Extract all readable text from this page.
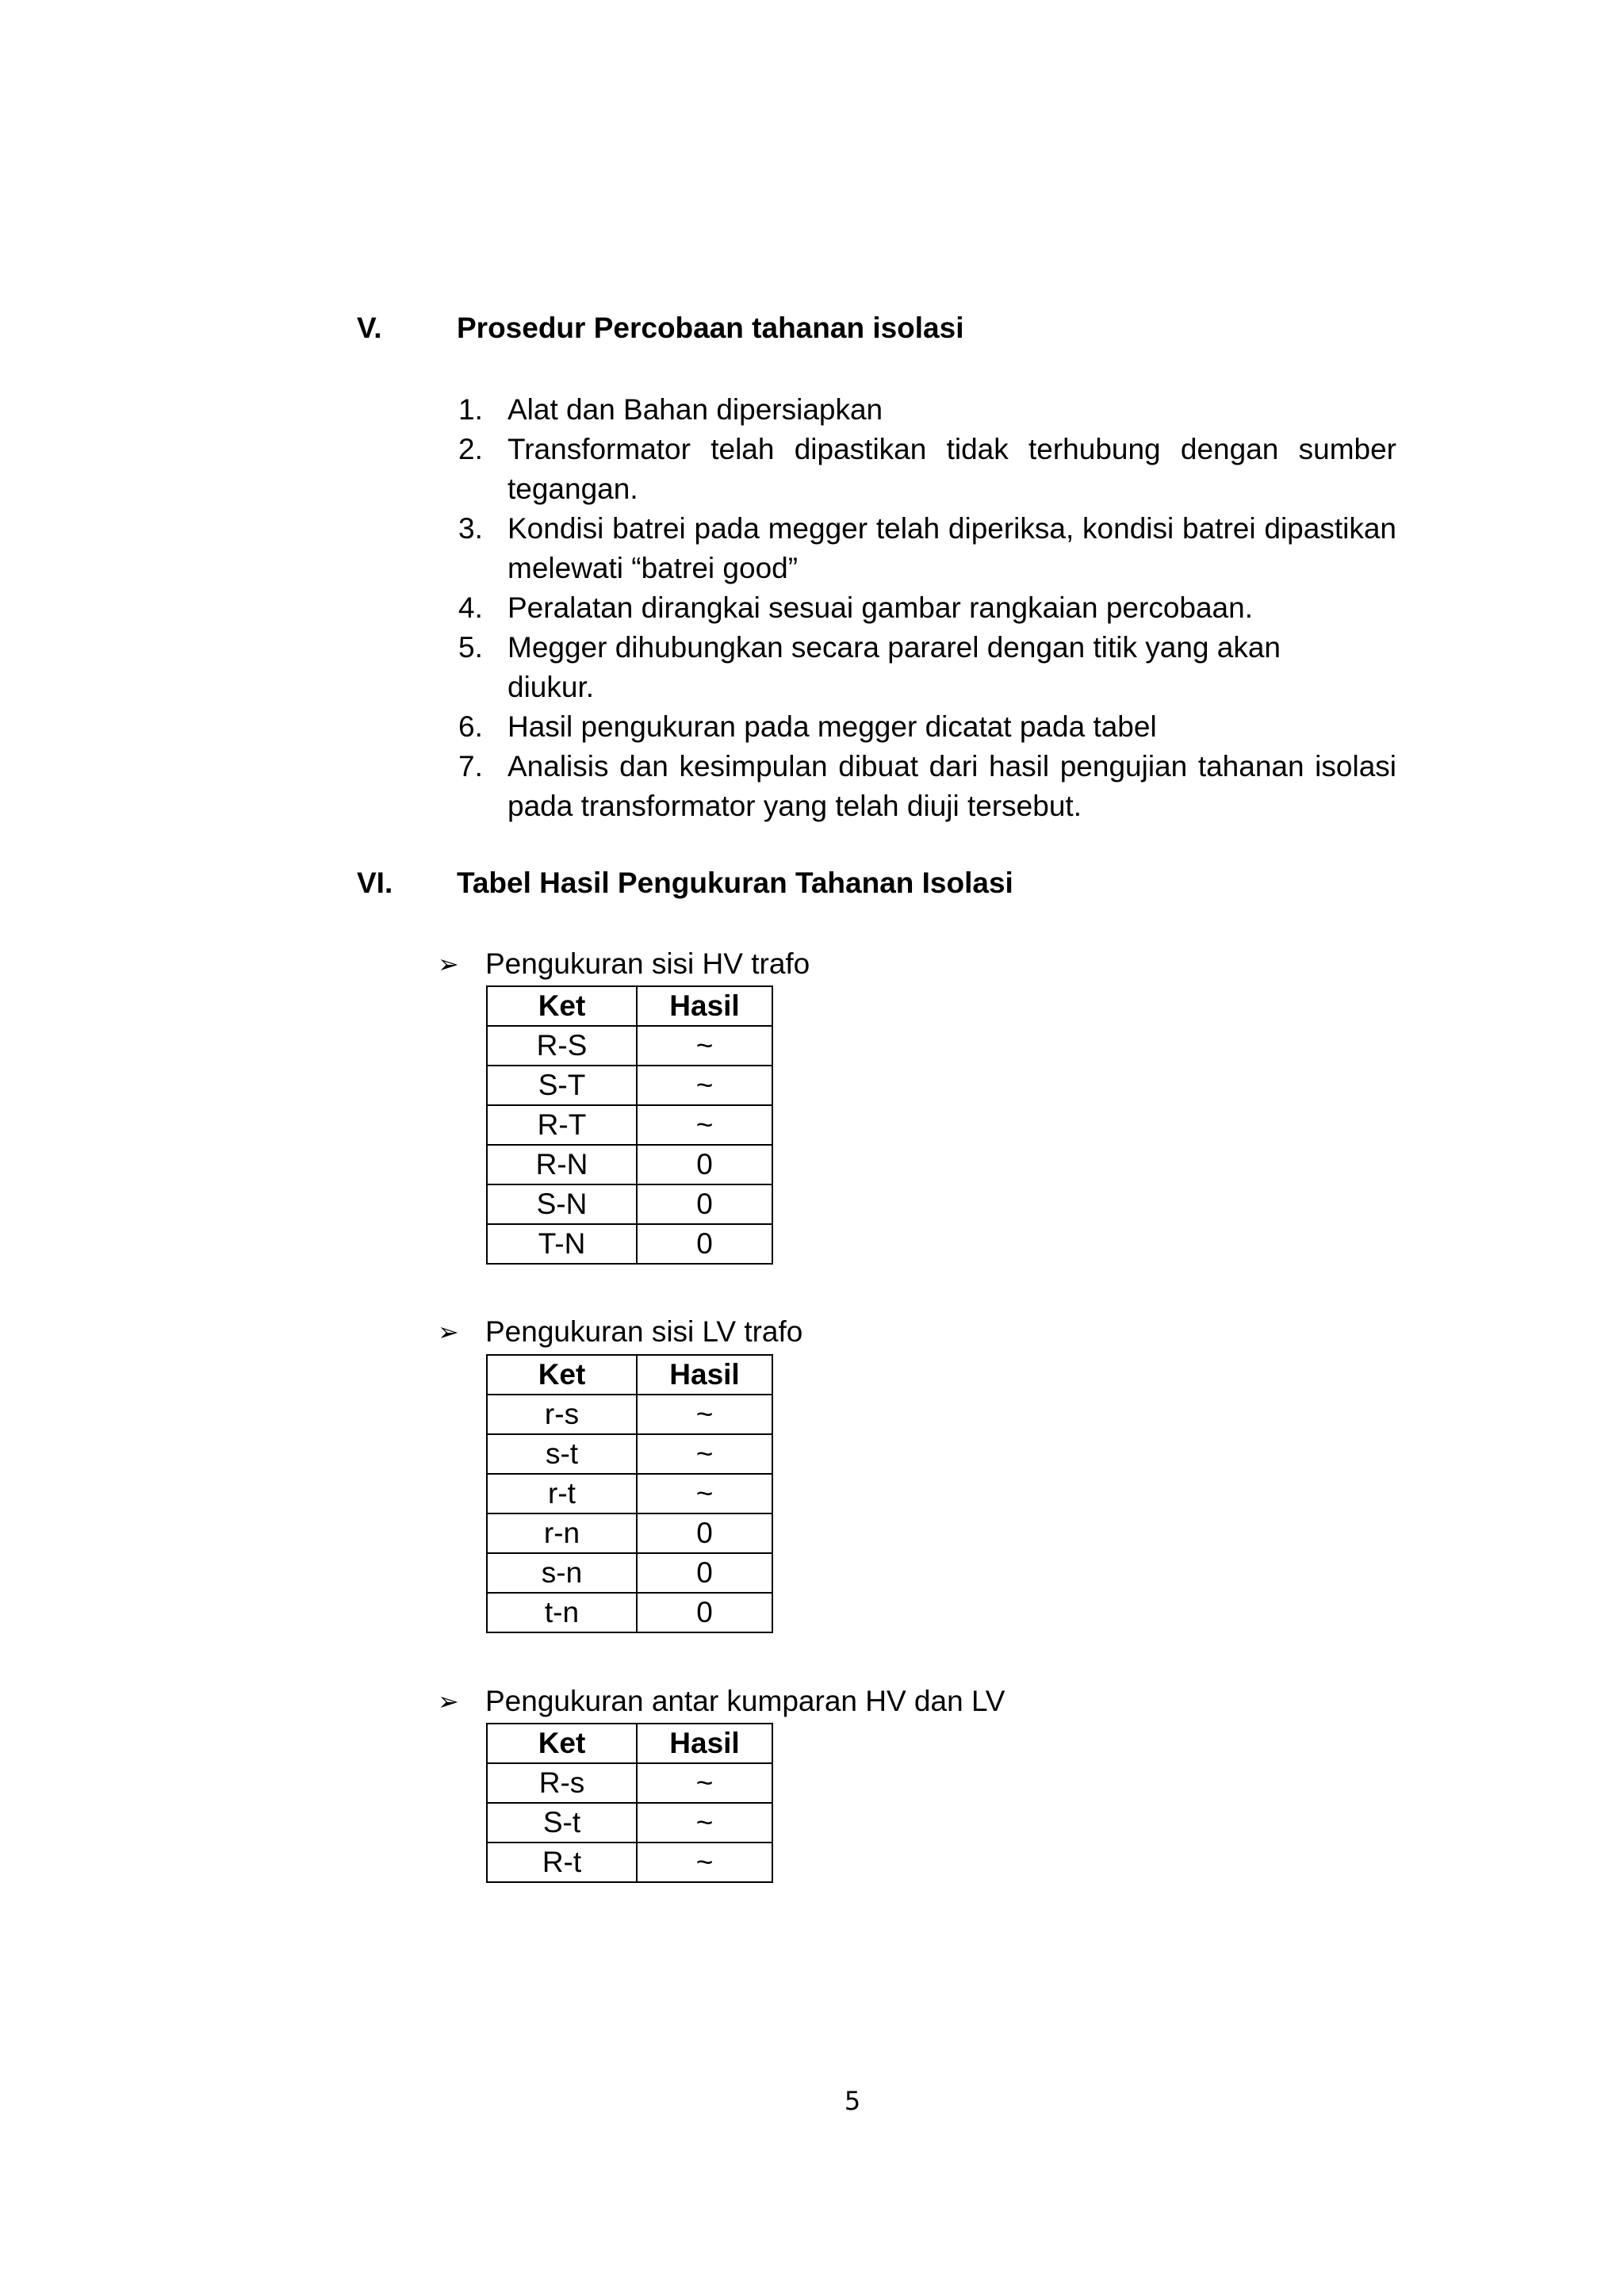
V.	Prosedur Percobaan tahanan isolasi
1. Alat dan Bahan dipersiapkan
2. Transformator telah dipastikan tidak terhubung dengan sumber tegangan.
3. Kondisi batrei pada megger telah diperiksa, kondisi batrei dipastikan melewati “batrei good”
4. Peralatan dirangkai sesuai gambar rangkaian percobaan.
5. Megger dihubungkan secara pararel dengan titik yang akan diukur.
6. Hasil pengukuran pada megger dicatat pada tabel
7. Analisis dan kesimpulan dibuat dari hasil pengujian tahanan isolasi pada transformator yang telah diuji tersebut.
VI. Tabel Hasil Pengukuran Tahanan Isolasi
➢ Pengukuran sisi HV trafo
Ket	Hasil
R-S	~
S-T	~
R-T	~
R-N	0
S-N	0
T-N	0
➢ Pengukuran sisi LV trafo
Ket	Hasil
r-s	~
s-t	~
r-t	~
r-n	0
s-n	0
t-n	0
➢ Pengukuran antar kumparan HV dan LV
Ket	Hasil
R-s	~
S-t	~
R-t	~
5
